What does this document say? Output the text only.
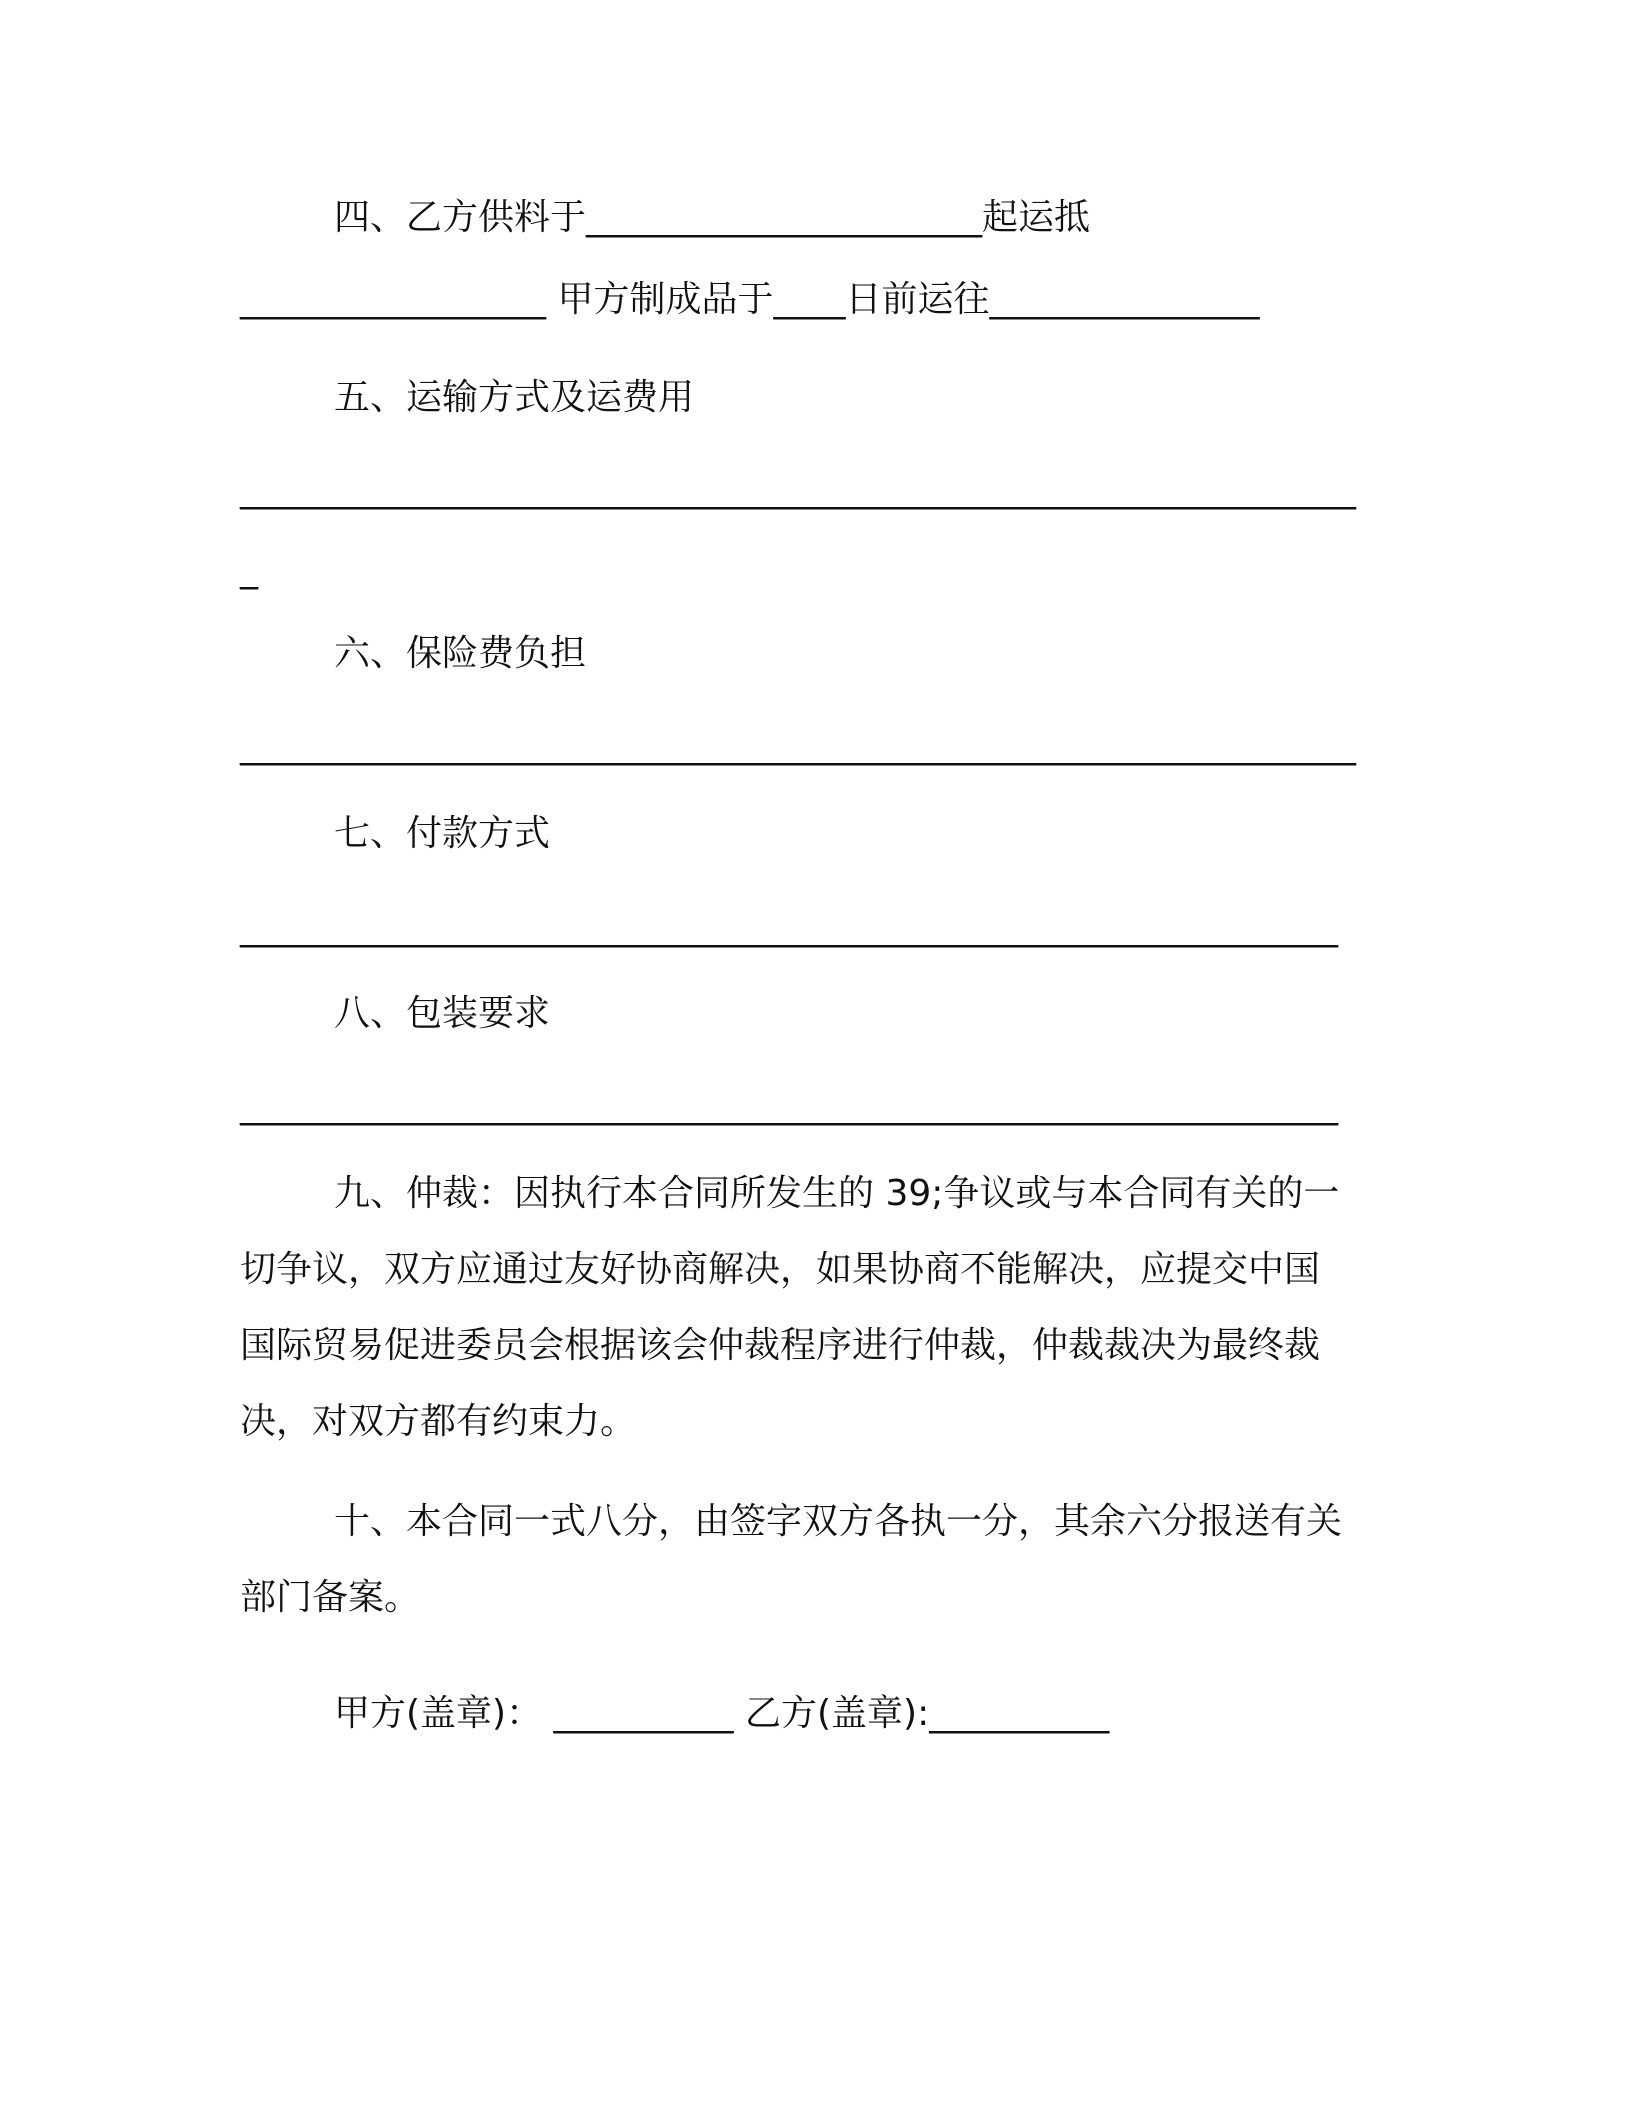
四、乙方供料于______________________起运抵
_________________ 甲方制成品于____日前运往_______________
五、运输方式及运费用
______________________________________________________________
_
六、保险费负担
______________________________________________________________
七、付款方式
_____________________________________________________________
八、包装要求
_____________________________________________________________
九、仲裁：因执行本合同所发生的 39;争议或与本合同有关的一
切争议，双方应通过友好协商解决，如果协商不能解决，应提交中国
国际贸易促进委员会根据该会仲裁程序进行仲裁，仲裁裁决为最终裁
决，对双方都有约束力。
十、本合同一式八分，由签字双方各执一分，其余六分报送有关
部门备案。
甲方(盖章)： __________ 乙方(盖章):__________
